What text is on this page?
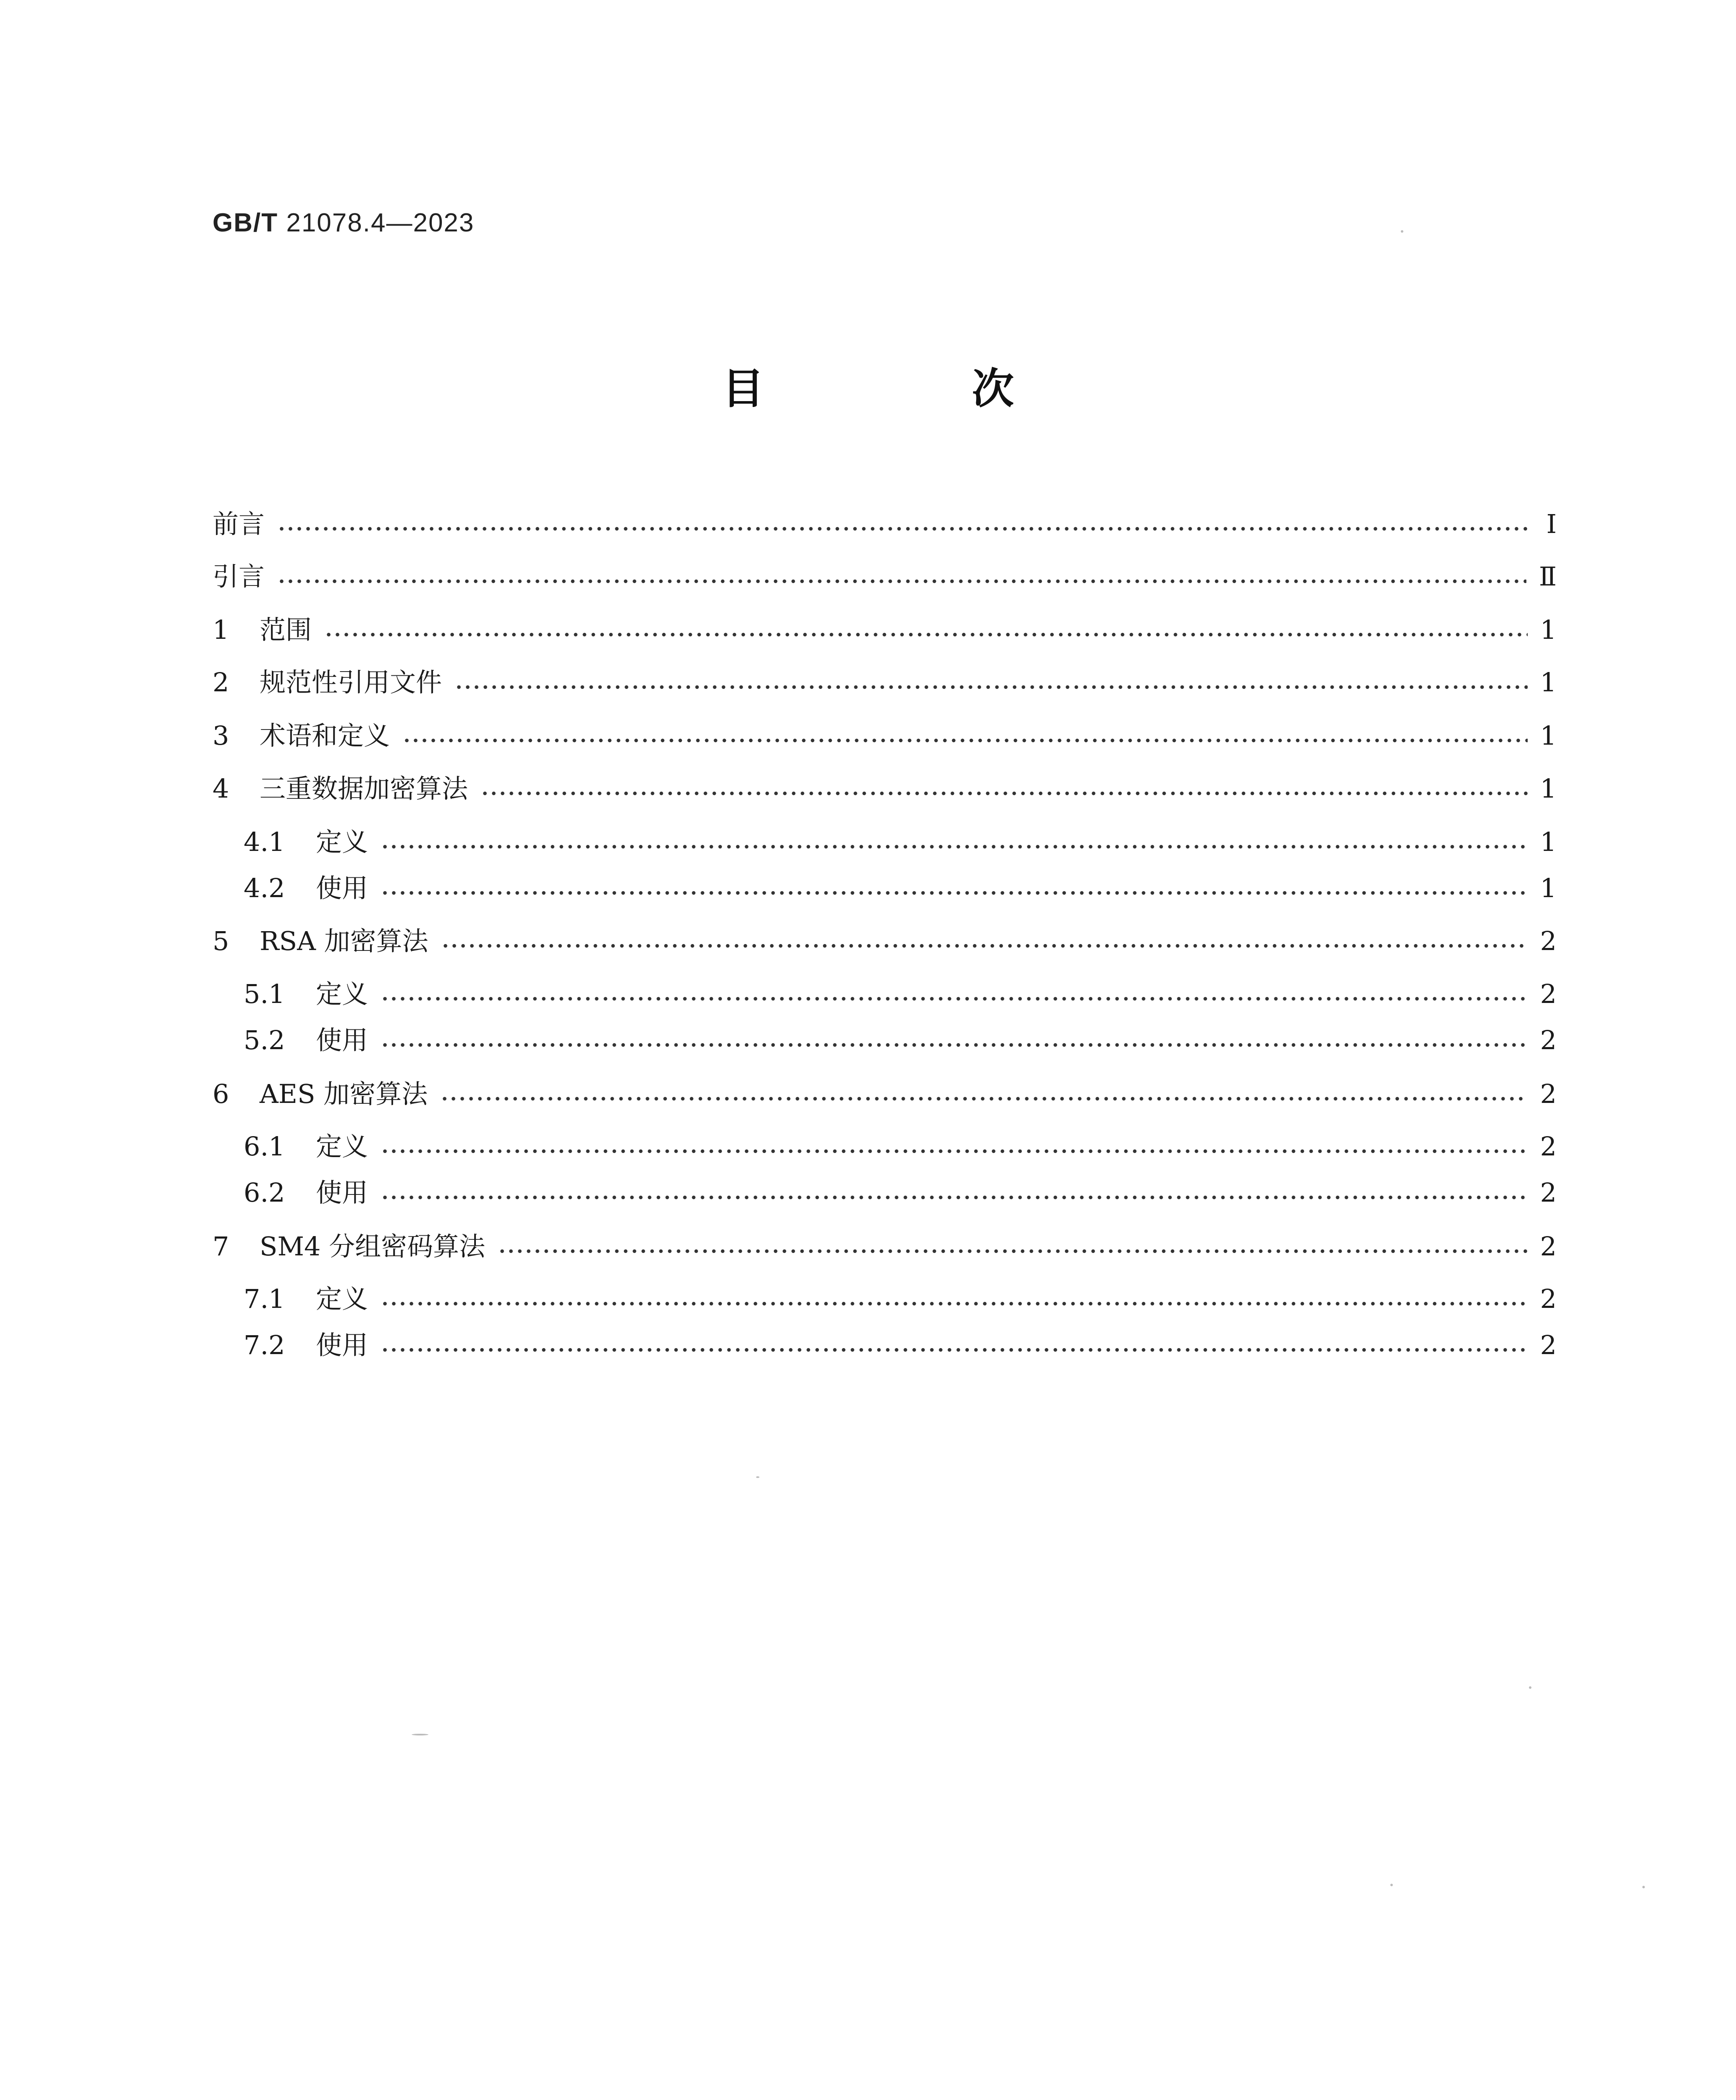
GB/T 21078.4—2023
目 次
前言	Ⅰ
引言	Ⅱ
1	范围	1
2	规范性引用文件	1
3	术语和定义	1
4	三重数据加密算法	1
4.1	定义	1
4.2	使用	1
5	RSA 加密算法	2
5.1	定义	2
5.2	使用	2
6	AES 加密算法	2
6.1	定义	2
6.2	使用	2
7	SM4 分组密码算法	2
7.1	定义	2
7.2	使用	2
